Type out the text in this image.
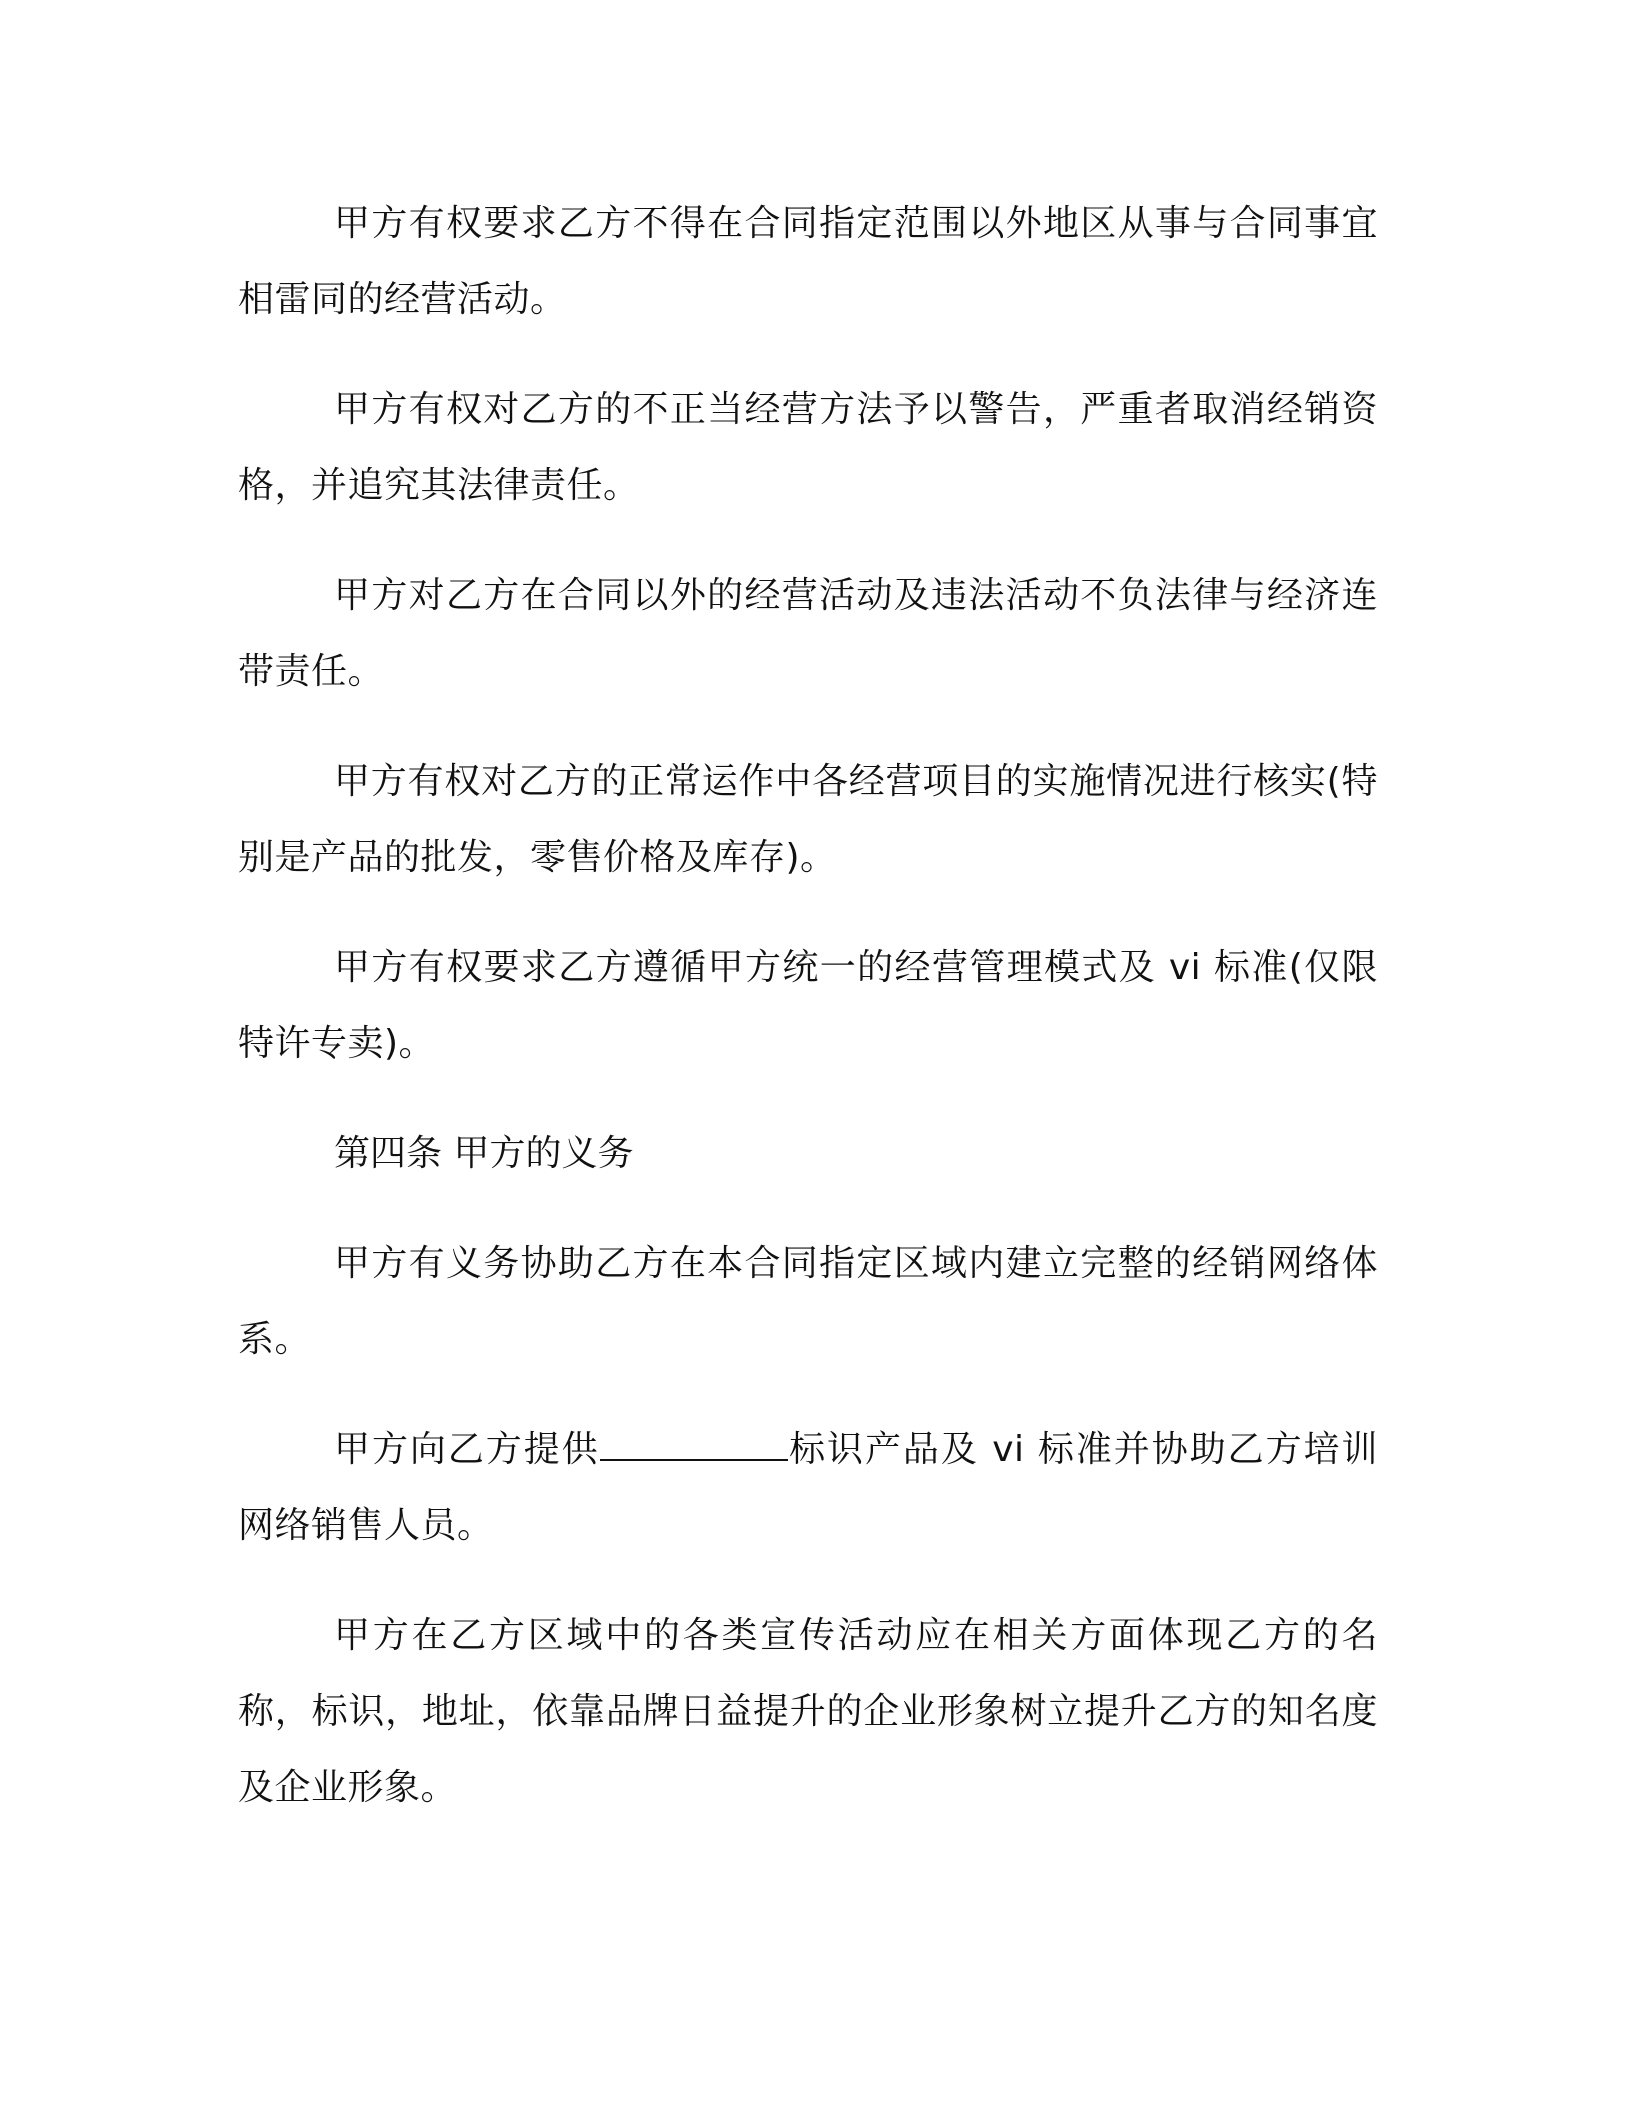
甲方有权要求乙方不得在合同指定范围以外地区从事与合同事宜相雷同的经营活动。

甲方有权对乙方的不正当经营方法予以警告，严重者取消经销资格，并追究其法律责任。

甲方对乙方在合同以外的经营活动及违法活动不负法律与经济连带责任。

甲方有权对乙方的正常运作中各经营项目的实施情况进行核实(特别是产品的批发，零售价格及库存)。

甲方有权要求乙方遵循甲方统一的经营管理模式及 vi 标准(仅限特许专卖)。

第四条 甲方的义务

甲方有义务协助乙方在本合同指定区域内建立完整的经销网络体系。

甲方向乙方提供	标识产品及 vi 标准并协助乙方培训网络销售人员。

甲方在乙方区域中的各类宣传活动应在相关方面体现乙方的名称，标识，地址，依靠品牌日益提升的企业形象树立提升乙方的知名度及企业形象。
